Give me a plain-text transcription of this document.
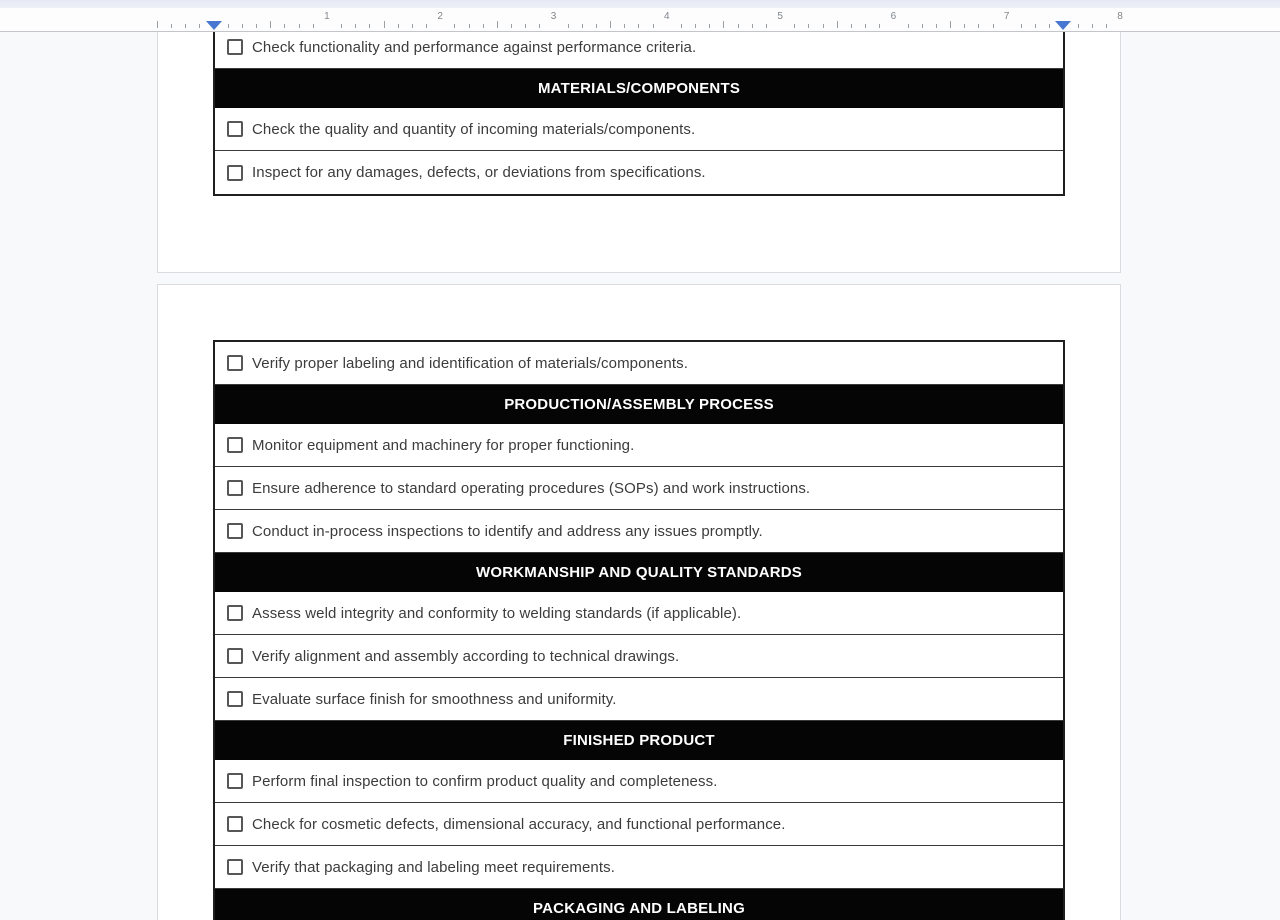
1	2	3	4	5	6	7	8
Check functionality and performance against performance criteria.
MATERIALS/COMPONENTS
Check the quality and quantity of incoming materials/components.
Inspect for any damages, defects, or deviations from specifications.
Verify proper labeling and identification of materials/components.
PRODUCTION/ASSEMBLY PROCESS
Monitor equipment and machinery for proper functioning.
Ensure adherence to standard operating procedures (SOPs) and work instructions.
Conduct in-process inspections to identify and address any issues promptly.
WORKMANSHIP AND QUALITY STANDARDS
Assess weld integrity and conformity to welding standards (if applicable).
Verify alignment and assembly according to technical drawings.
Evaluate surface finish for smoothness and uniformity.
FINISHED PRODUCT
Perform final inspection to confirm product quality and completeness.
Check for cosmetic defects, dimensional accuracy, and functional performance.
Verify that packaging and labeling meet requirements.
PACKAGING AND LABELING
